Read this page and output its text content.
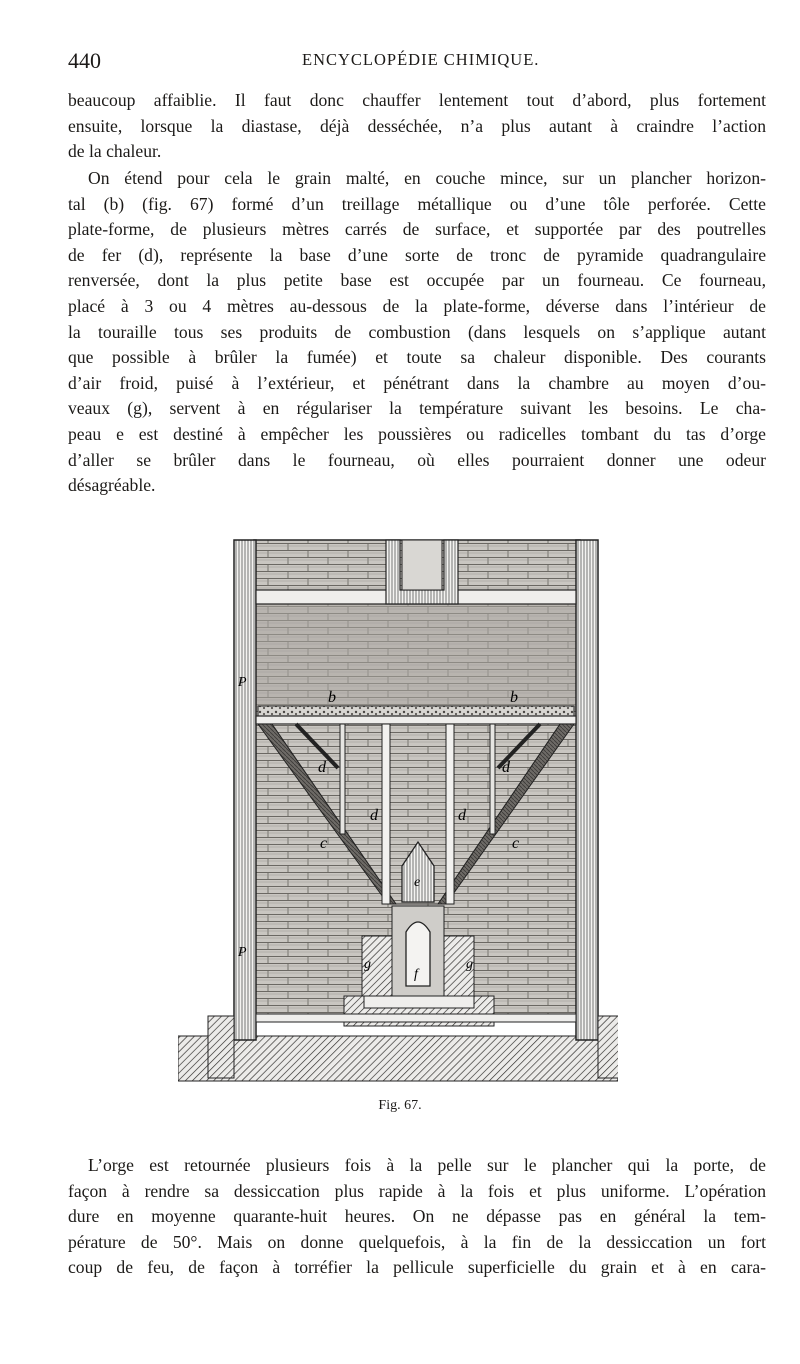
440	ENCYCLOPÉDIE CHIMIQUE.
beaucoup affaiblie. Il faut donc chauffer lentement tout d’abord, plus fortement
ensuite, lorsque la diastase, déjà desséchée, n’a plus autant à craindre l’action
de la chaleur.
On étend pour cela le grain malté, en couche mince, sur un plancher horizon-
tal (b) (fig. 67) formé d’un treillage métallique ou d’une tôle perforée. Cette
plate-forme, de plusieurs mètres carrés de surface, et supportée par des poutrelles
de fer (d), représente la base d’une sorte de tronc de pyramide quadrangulaire
renversée, dont la plus petite base est occupée par un fourneau. Ce fourneau,
placé à 3 ou 4 mètres au-dessous de la plate-forme, déverse dans l’intérieur de
la touraille tous ses produits de combustion (dans lesquels on s’applique autant
que possible à brûler la fumée) et toute sa chaleur disponible. Des courants
d’air froid, puisé à l’extérieur, et pénétrant dans la chambre au moyen d’ou-
veaux (g), servent à en régulariser la température suivant les besoins. Le cha-
peau e est destiné à empêcher les poussières ou radicelles tombant du tas d’orge
d’aller se brûler dans le fourneau, où elles pourraient donner une odeur
désagréable.
b	b
d	d
d	d
c	c
e
f
g	g
P
P
Fig. 67.
L’orge est retournée plusieurs fois à la pelle sur le plancher qui la porte, de
façon à rendre sa dessiccation plus rapide à la fois et plus uniforme. L’opération
dure en moyenne quarante-huit heures. On ne dépasse pas en général la tem-
pérature de 50°. Mais on donne quelquefois, à la fin de la dessiccation un fort
coup de feu, de façon à torréfier la pellicule superficielle du grain et à en cara-
